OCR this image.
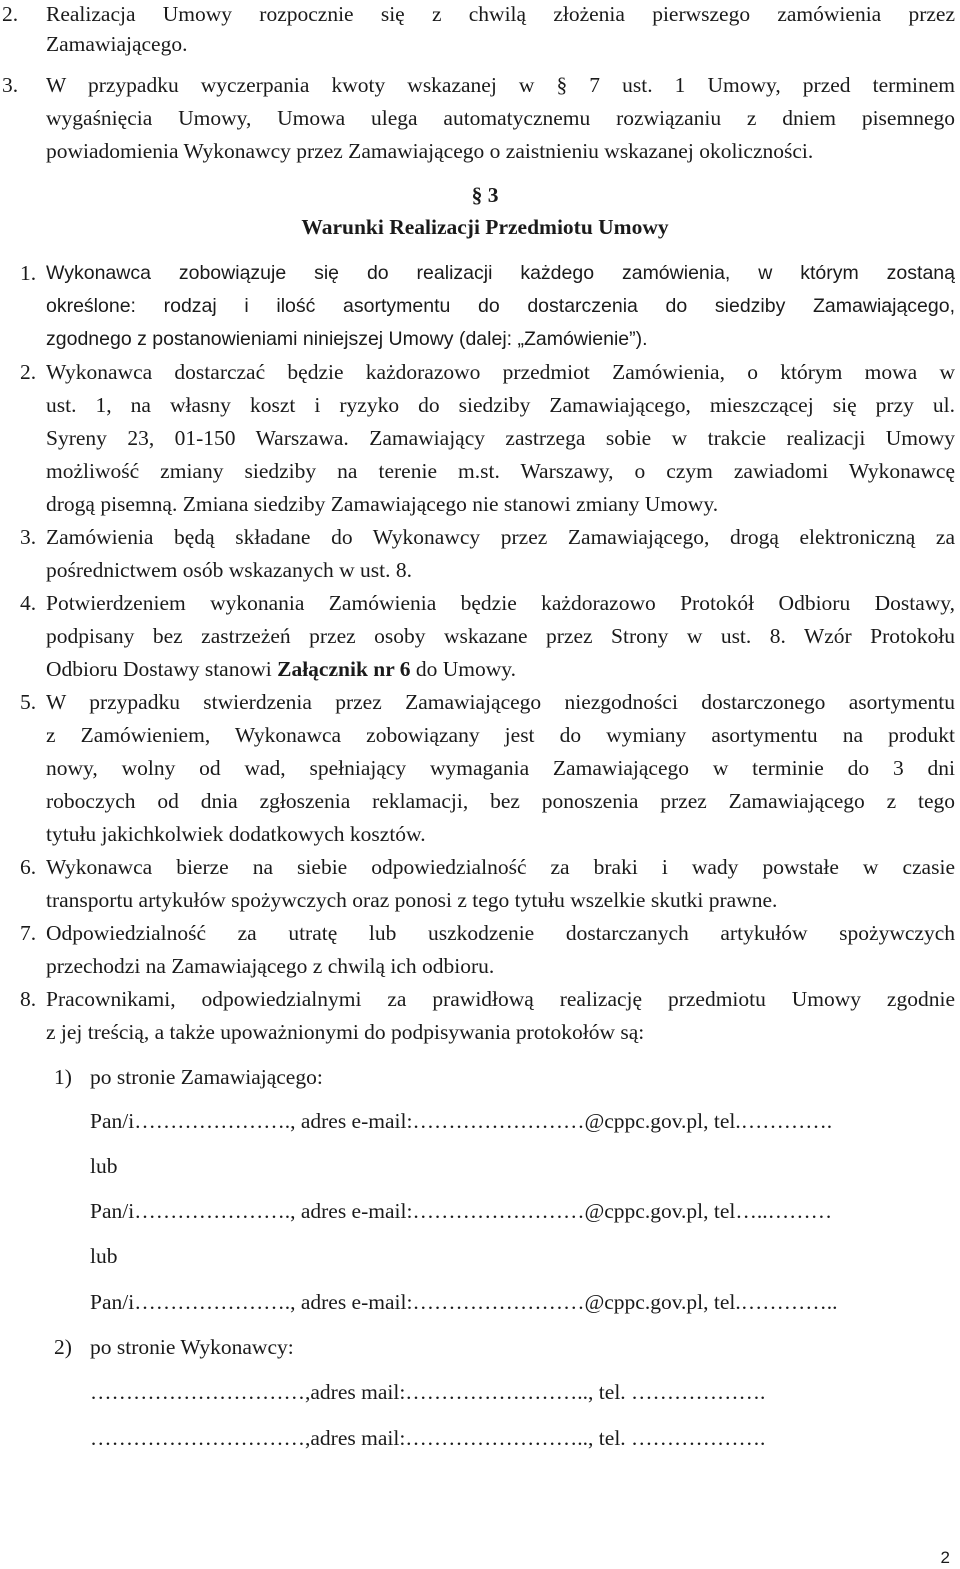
2. Realizacja Umowy rozpocznie się z chwilą złożenia pierwszego zamówienia przez
Zamawiającego.
3. W przypadku wyczerpania kwoty wskazanej w § 7 ust. 1 Umowy, przed terminem
wygaśnięcia Umowy, Umowa ulega automatycznemu rozwiązaniu z dniem pisemnego
powiadomienia Wykonawcy przez Zamawiającego o zaistnieniu wskazanej okoliczności.
§ 3
Warunki Realizacji Przedmiotu Umowy
1. Wykonawca zobowiązuje się do realizacji każdego zamówienia, w którym zostaną
określone: rodzaj i ilość asortymentu do dostarczenia do siedziby Zamawiającego,
zgodnego z postanowieniami niniejszej Umowy (dalej: „Zamówienie”).
2. Wykonawca dostarczać będzie każdorazowo przedmiot Zamówienia, o którym mowa w
ust. 1, na własny koszt i ryzyko do siedziby Zamawiającego, mieszczącej się przy ul.
Syreny 23, 01-150 Warszawa. Zamawiający zastrzega sobie w trakcie realizacji Umowy
możliwość zmiany siedziby na terenie m.st. Warszawy, o czym zawiadomi Wykonawcę
drogą pisemną. Zmiana siedziby Zamawiającego nie stanowi zmiany Umowy.
3. Zamówienia będą składane do Wykonawcy przez Zamawiającego, drogą elektroniczną za
pośrednictwem osób wskazanych w ust. 8.
4. Potwierdzeniem wykonania Zamówienia będzie każdorazowo Protokół Odbioru Dostawy,
podpisany bez zastrzeżeń przez osoby wskazane przez Strony w ust. 8. Wzór Protokołu
Odbioru Dostawy stanowi Załącznik nr 6 do Umowy.
5. W przypadku stwierdzenia przez Zamawiającego niezgodności dostarczonego asortymentu
z Zamówieniem, Wykonawca zobowiązany jest do wymiany asortymentu na produkt
nowy, wolny od wad, spełniający wymagania Zamawiającego w terminie do 3 dni
roboczych od dnia zgłoszenia reklamacji, bez ponoszenia przez Zamawiającego z tego
tytułu jakichkolwiek dodatkowych kosztów.
6. Wykonawca bierze na siebie odpowiedzialność za braki i wady powstałe w czasie
transportu artykułów spożywczych oraz ponosi z tego tytułu wszelkie skutki prawne.
7. Odpowiedzialność za utratę lub uszkodzenie dostarczanych artykułów spożywczych
przechodzi na Zamawiającego z chwilą ich odbioru.
8. Pracownikami, odpowiedzialnymi za prawidłową realizację przedmiotu Umowy zgodnie
z jej treścią, a także upoważnionymi do podpisywania protokołów są:
1) po stronie Zamawiającego:
Pan/i…………………., adres e-mail:……………………@cppc.gov.pl, tel.………….
lub
Pan/i…………………., adres e-mail:……………………@cppc.gov.pl, tel…..………
lub
Pan/i…………………., adres e-mail:……………………@cppc.gov.pl, tel.…………..
2) po stronie Wykonawcy:
…………………………,adres mail:…………………….., tel. ……………….
…………………………,adres mail:…………………….., tel. ……………….
2
